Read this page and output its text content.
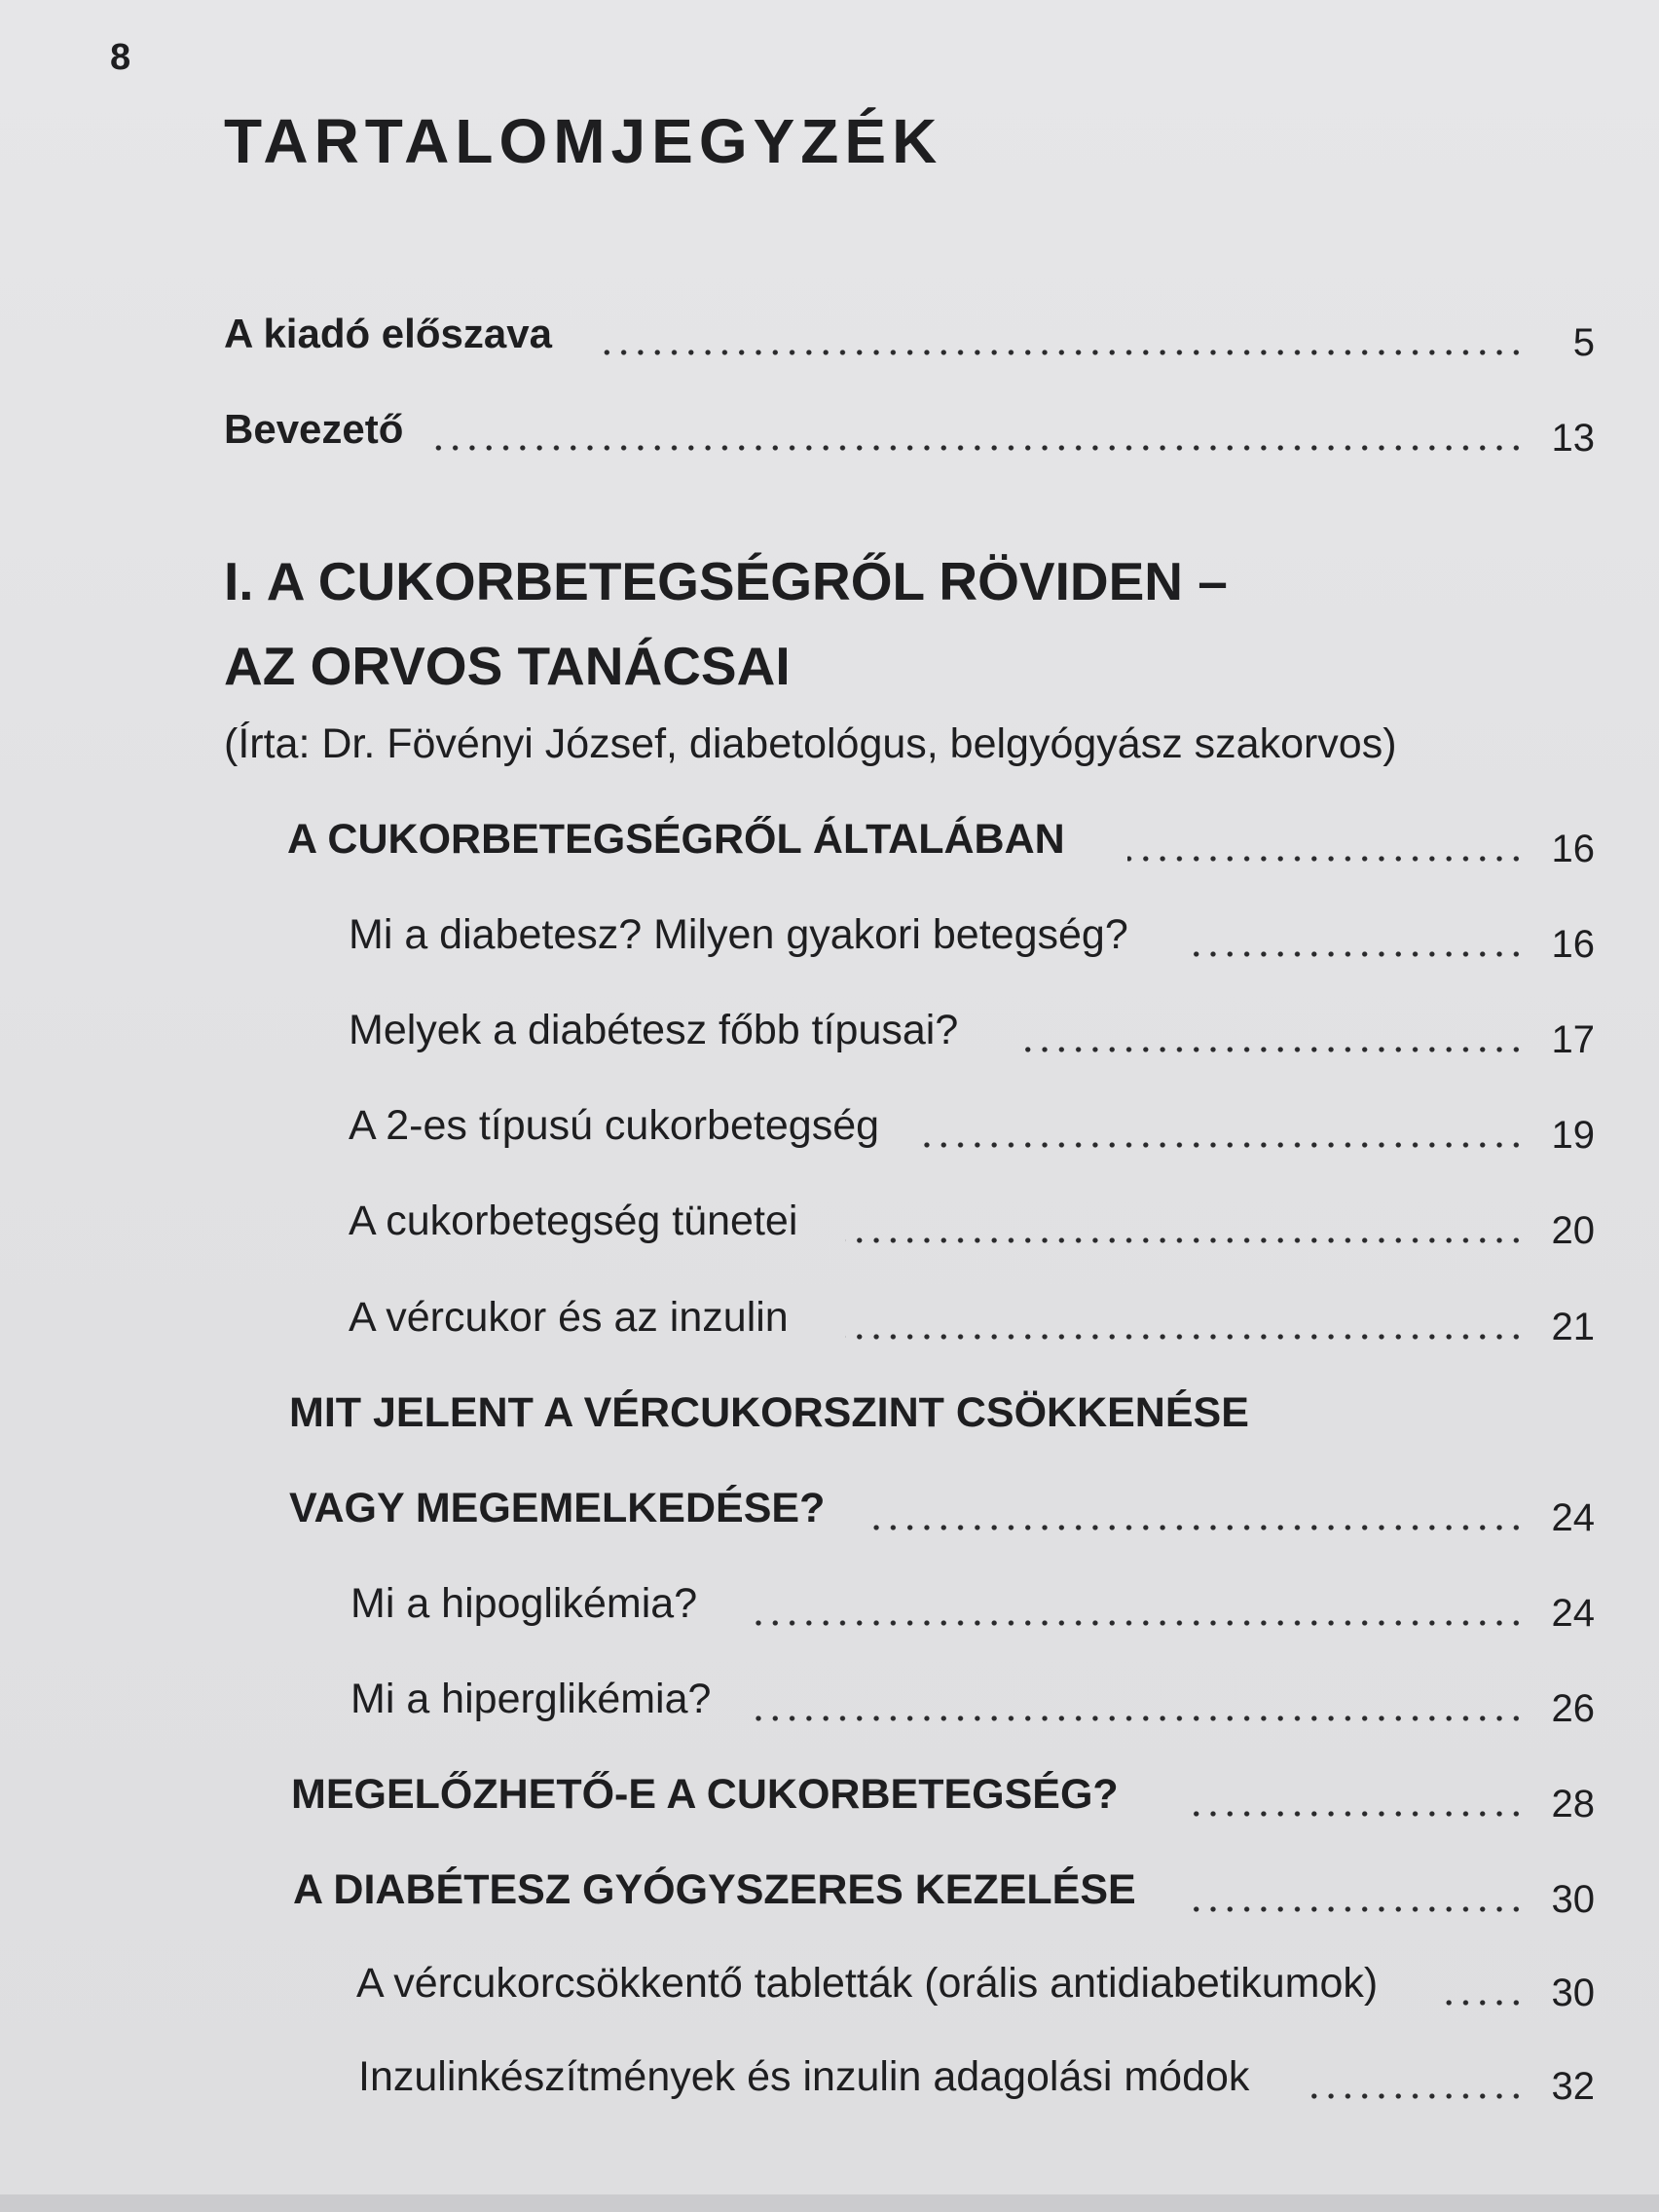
8
TARTALOMJEGYZÉK
A kiadó előszava	5
Bevezető	13
I. A CUKORBETEGSÉGRŐL RÖVIDEN –
AZ ORVOS TANÁCSAI
(Írta: Dr. Fövényi József, diabetológus, belgyógyász szakorvos)
A CUKORBETEGSÉGRŐL ÁLTALÁBAN	16
Mi a diabetesz? Milyen gyakori betegség?	16
Melyek a diabétesz főbb típusai?	17
A 2-es típusú cukorbetegség	19
A cukorbetegség tünetei	20
A vércukor és az inzulin	21
MIT JELENT A VÉRCUKORSZINT CSÖKKENÉSE
VAGY MEGEMELKEDÉSE?	24
Mi a hipoglikémia?	24
Mi a hiperglikémia?	26
MEGELŐZHETŐ-E A CUKORBETEGSÉG?	28
A DIABÉTESZ GYÓGYSZERES KEZELÉSE	30
A vércukorcsökkentő tabletták (orális antidiabetikumok)	30
Inzulinkészítmények és inzulin adagolási módok	32
